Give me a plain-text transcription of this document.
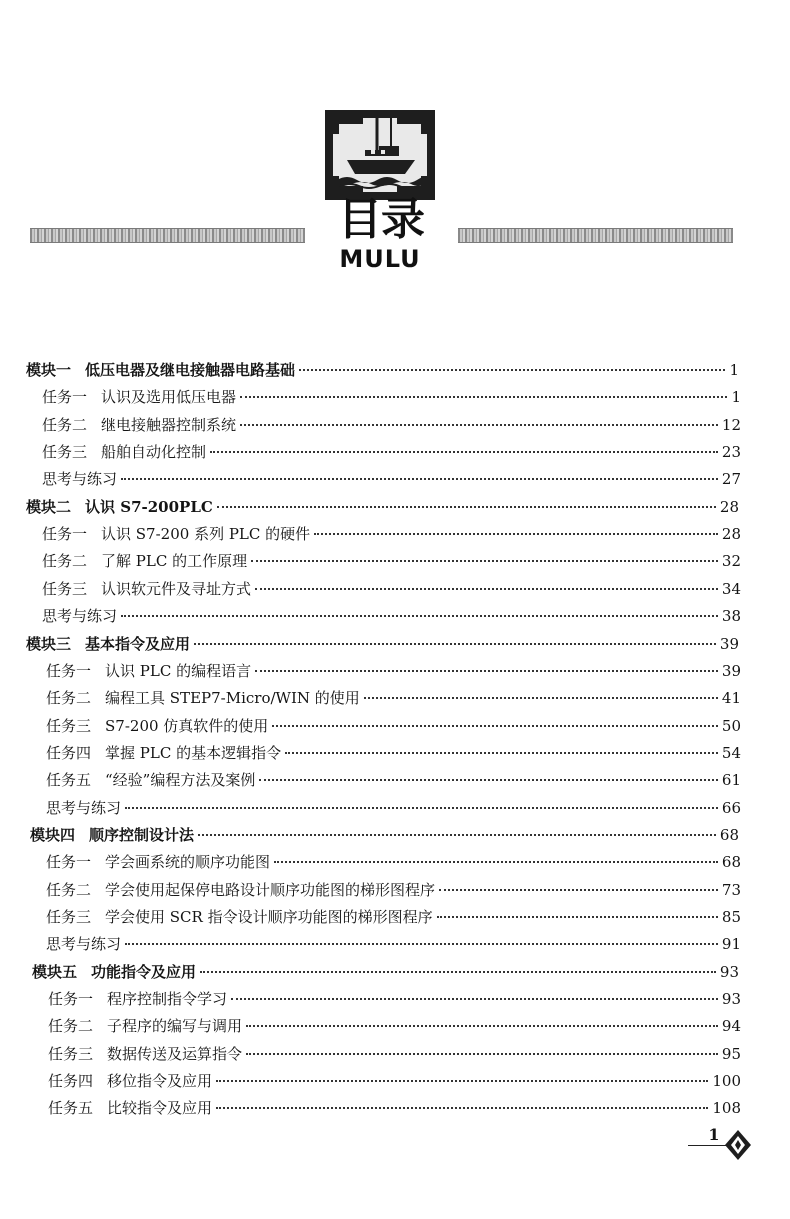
目录
MULU
模块一 低压电器及继电接触器电路基础	1
任务一 认识及选用低压电器	1
任务二 继电接触器控制系统	12
任务三 船舶自动化控制	23
思考与练习	27
模块二 认识 S7-200PLC	28
任务一 认识 S7-200 系列 PLC 的硬件	28
任务二 了解 PLC 的工作原理	32
任务三 认识软元件及寻址方式	34
思考与练习	38
模块三 基本指令及应用	39
任务一 认识 PLC 的编程语言	39
任务二 编程工具 STEP7-Micro/WIN 的使用	41
任务三 S7-200 仿真软件的使用	50
任务四 掌握 PLC 的基本逻辑指令	54
任务五 “经验”编程方法及案例	61
思考与练习	66
模块四 顺序控制设计法	68
任务一 学会画系统的顺序功能图	68
任务二 学会使用起保停电路设计顺序功能图的梯形图程序	73
任务三 学会使用 SCR 指令设计顺序功能图的梯形图程序	85
思考与练习	91
模块五 功能指令及应用	93
任务一 程序控制指令学习	93
任务二 子程序的编写与调用	94
任务三 数据传送及运算指令	95
任务四 移位指令及应用	100
任务五 比较指令及应用	108
1
